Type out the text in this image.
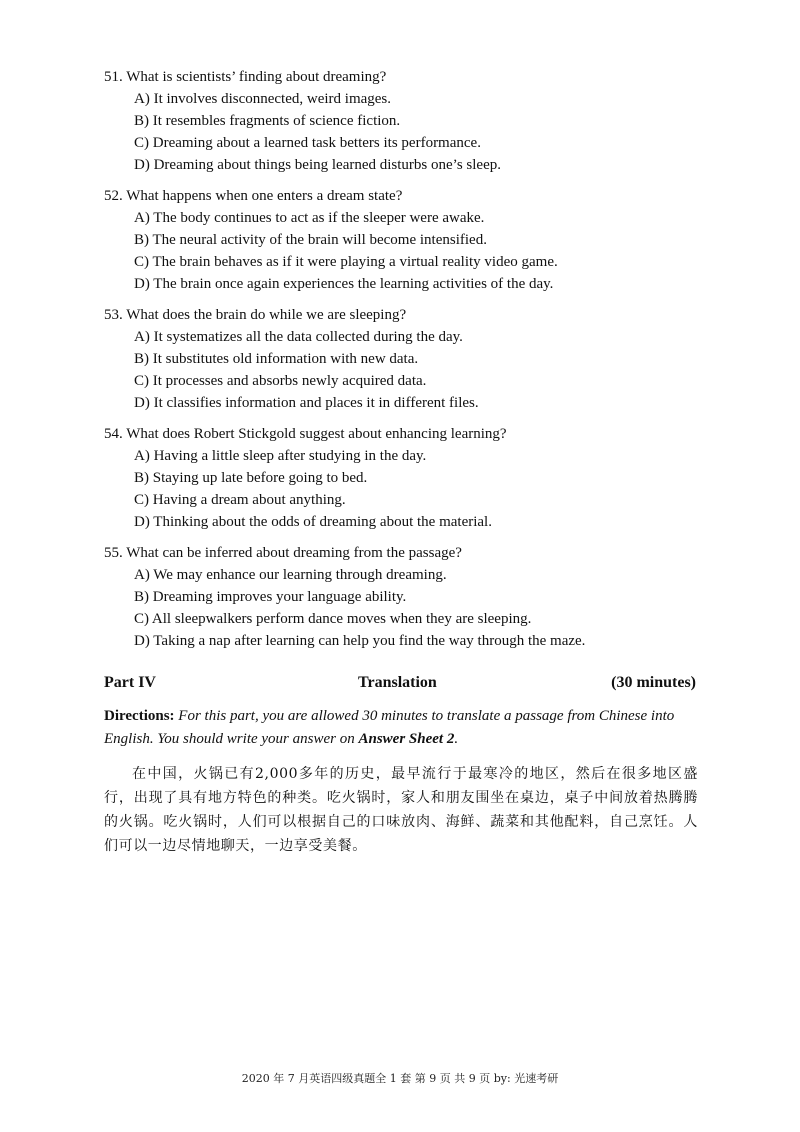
51. What is scientists’ finding about dreaming?
A) It involves disconnected, weird images.
B) It resembles fragments of science fiction.
C) Dreaming about a learned task betters its performance.
D) Dreaming about things being learned disturbs one’s sleep.
52. What happens when one enters a dream state?
A) The body continues to act as if the sleeper were awake.
B) The neural activity of the brain will become intensified.
C) The brain behaves as if it were playing a virtual reality video game.
D) The brain once again experiences the learning activities of the day.
53. What does the brain do while we are sleeping?
A) It systematizes all the data collected during the day.
B) It substitutes old information with new data.
C) It processes and absorbs newly acquired data.
D) It classifies information and places it in different files.
54. What does Robert Stickgold suggest about enhancing learning?
A) Having a little sleep after studying in the day.
B) Staying up late before going to bed.
C) Having a dream about anything.
D) Thinking about the odds of dreaming about the material.
55. What can be inferred about dreaming from the passage?
A) We may enhance our learning through dreaming.
B) Dreaming improves your language ability.
C) All sleepwalkers perform dance moves when they are sleeping.
D) Taking a nap after learning can help you find the way through the maze.
Part IV	Translation	(30 minutes)
Directions: For this part, you are allowed 30 minutes to translate a passage from Chinese into English. You should write your answer on Answer Sheet 2.
在中国，火锅已有2,000多年的历史，最早流行于最寒冷的地区，然后在很多地区盛行，出现了具有地方特色的种类。吃火锅时，家人和朋友围坐在桌边，桌子中间放着热腾腾的火锅。吃火锅时，人们可以根据自己的口味放肉、海鲜、蔬菜和其他配料，自己烹饪。人们可以一边尽情地聊天，一边享受美餐。
2020 年 7 月英语四级真题全 1 套 第 9 页 共 9 页 by: 光速考研
